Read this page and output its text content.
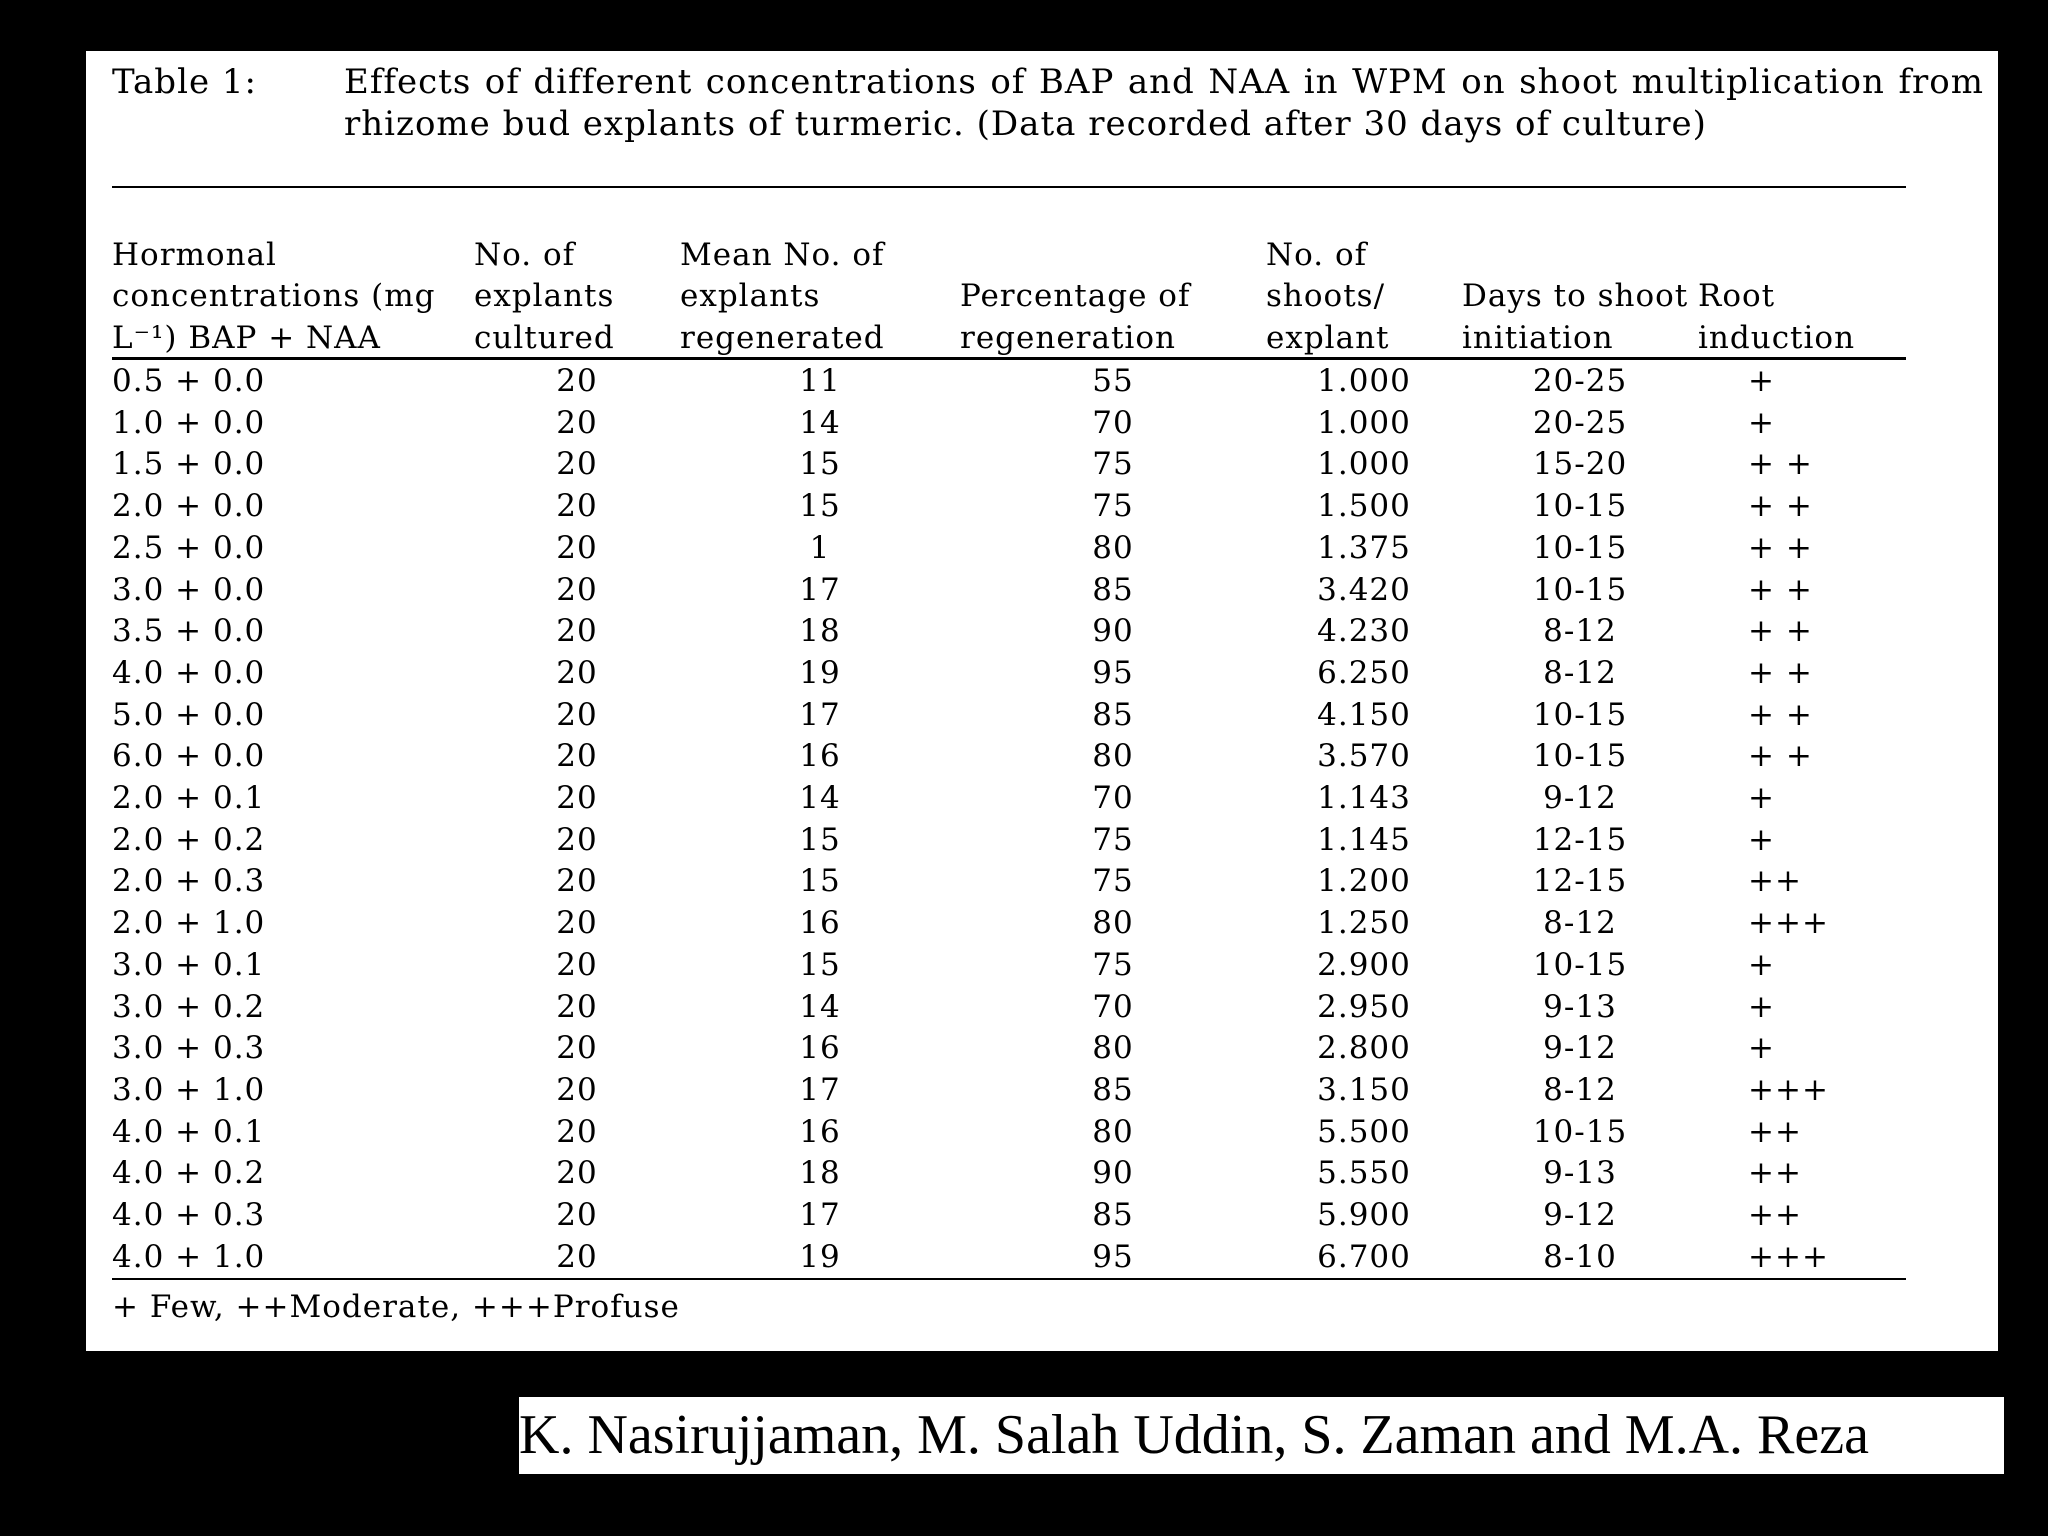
Table 1:	Effects of different concentrations of BAP and NAA in WPM on shoot multiplication from rhizome bud explants of turmeric. (Data recorded after 30 days of culture)
Hormonal concentrations (mg L⁻¹) BAP + NAA	No. of explants cultured	Mean No. of explants regenerated	Percentage of regeneration	No. of shoots/ explant	Days to shoot initiation	Root induction
0.5 + 0.0	20	11	55	1.000	20-25	+
1.0 + 0.0	20	14	70	1.000	20-25	+
1.5 + 0.0	20	15	75	1.000	15-20	+ +
2.0 + 0.0	20	15	75	1.500	10-15	+ +
2.5 + 0.0	20	1	80	1.375	10-15	+ +
3.0 + 0.0	20	17	85	3.420	10-15	+ +
3.5 + 0.0	20	18	90	4.230	8-12	+ +
4.0 + 0.0	20	19	95	6.250	8-12	+ +
5.0 + 0.0	20	17	85	4.150	10-15	+ +
6.0 + 0.0	20	16	80	3.570	10-15	+ +
2.0 + 0.1	20	14	70	1.143	9-12	+
2.0 + 0.2	20	15	75	1.145	12-15	+
2.0 + 0.3	20	15	75	1.200	12-15	++
2.0 + 1.0	20	16	80	1.250	8-12	+++
3.0 + 0.1	20	15	75	2.900	10-15	+
3.0 + 0.2	20	14	70	2.950	9-13	+
3.0 + 0.3	20	16	80	2.800	9-12	+
3.0 + 1.0	20	17	85	3.150	8-12	+++
4.0 + 0.1	20	16	80	5.500	10-15	++
4.0 + 0.2	20	18	90	5.550	9-13	++
4.0 + 0.3	20	17	85	5.900	9-12	++
4.0 + 1.0	20	19	95	6.700	8-10	+++
+ Few, ++Moderate, +++Profuse
K. Nasirujjaman, M. Salah Uddin, S. Zaman and M.A. Reza
